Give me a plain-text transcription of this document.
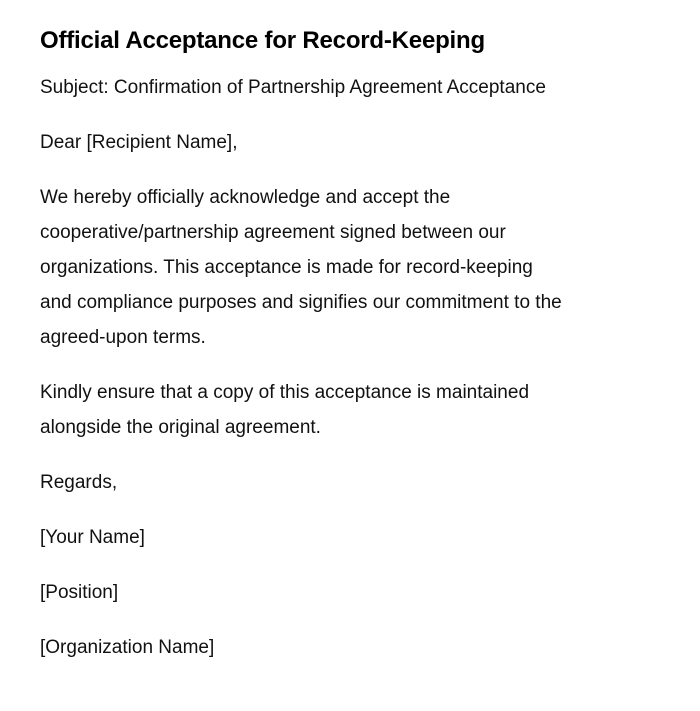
Official Acceptance for Record-Keeping

Subject: Confirmation of Partnership Agreement Acceptance

Dear [Recipient Name],

We hereby officially acknowledge and accept the
cooperative/partnership agreement signed between our
organizations. This acceptance is made for record-keeping
and compliance purposes and signifies our commitment to the
agreed-upon terms.

Kindly ensure that a copy of this acceptance is maintained
alongside the original agreement.

Regards,

[Your Name]

[Position]

[Organization Name]
